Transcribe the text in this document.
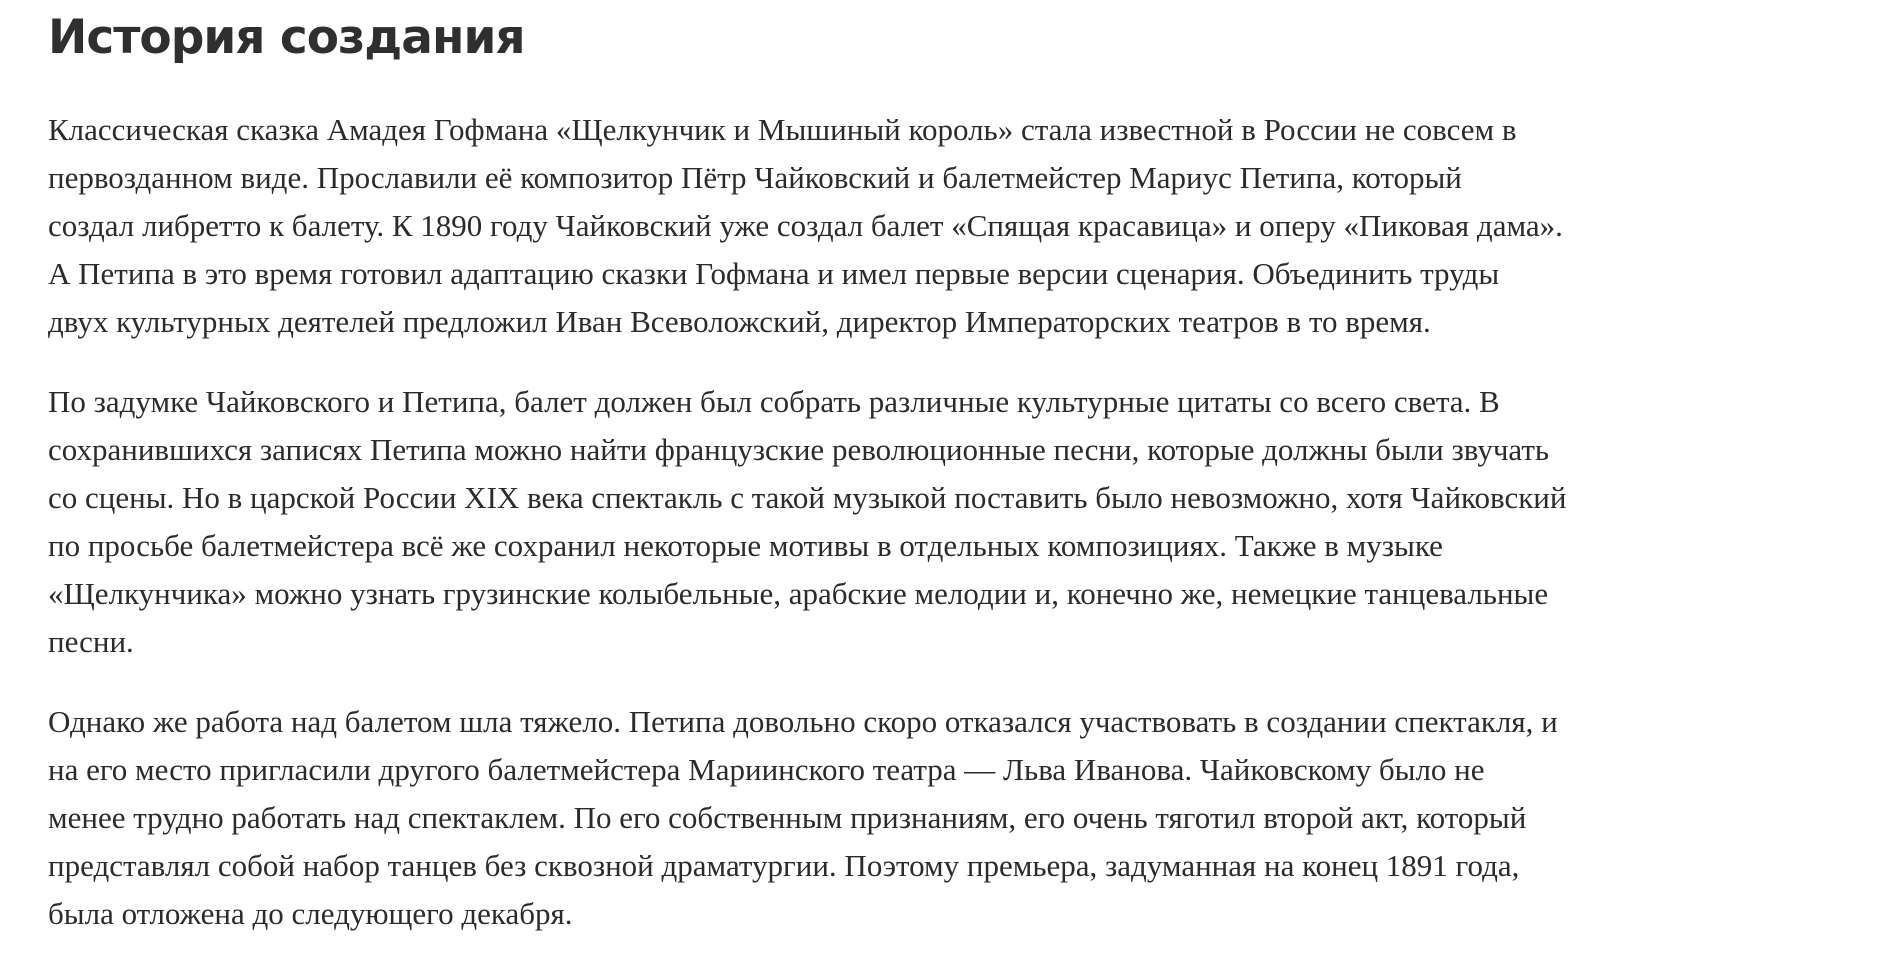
История создания

Классическая сказка Амадея Гофмана «Щелкунчик и Мышиный король» стала известной в России не совсем в
первозданном виде. Прославили её композитор Пётр Чайковский и балетмейстер Мариус Петипа, который
создал либретто к балету. К 1890 году Чайковский уже создал балет «Спящая красавица» и оперу «Пиковая дама».
А Петипа в это время готовил адаптацию сказки Гофмана и имел первые версии сценария. Объединить труды
двух культурных деятелей предложил Иван Всеволожский, директор Императорских театров в то время.

По задумке Чайковского и Петипа, балет должен был собрать различные культурные цитаты со всего света. В
сохранившихся записях Петипа можно найти французские революционные песни, которые должны были звучать
со сцены. Но в царской России XIX века спектакль с такой музыкой поставить было невозможно, хотя Чайковский
по просьбе балетмейстера всё же сохранил некоторые мотивы в отдельных композициях. Также в музыке
«Щелкунчика» можно узнать грузинские колыбельные, арабские мелодии и, конечно же, немецкие танцевальные
песни.

Однако же работа над балетом шла тяжело. Петипа довольно скоро отказался участвовать в создании спектакля, и
на его место пригласили другого балетмейстера Мариинского театра — Льва Иванова. Чайковскому было не
менее трудно работать над спектаклем. По его собственным признаниям, его очень тяготил второй акт, который
представлял собой набор танцев без сквозной драматургии. Поэтому премьера, задуманная на конец 1891 года,
была отложена до следующего декабря.
